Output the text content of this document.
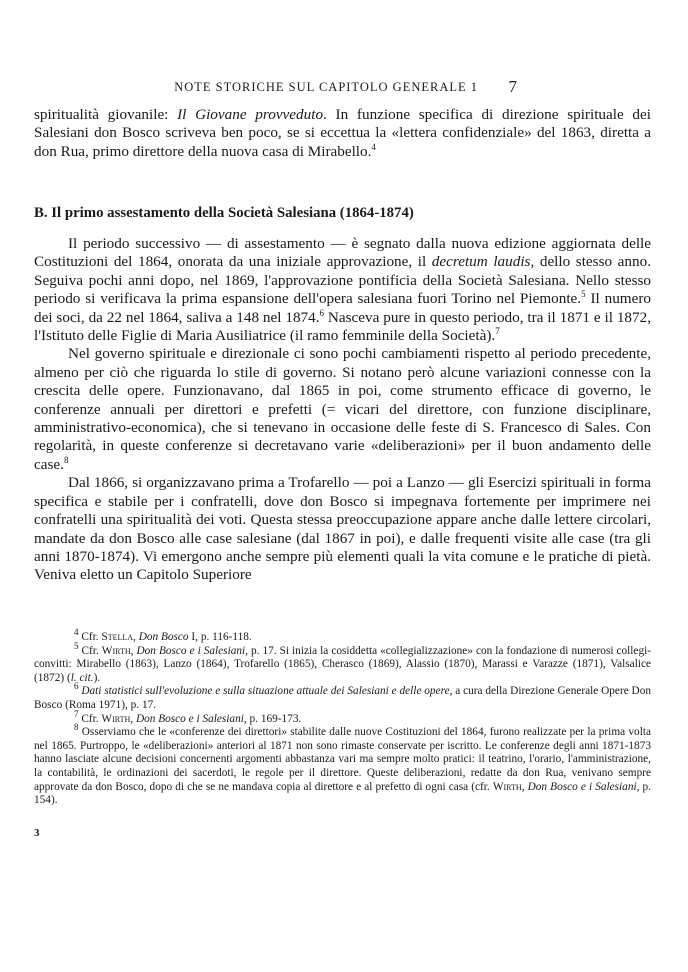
NOTE STORICHE SUL CAPITOLO GENERALE 1 7

spiritualità giovanile: Il Giovane provveduto. In funzione specifica di direzione spirituale dei Salesiani don Bosco scriveva ben poco, se si eccettua la «lettera confidenziale» del 1863, diretta a don Rua, primo direttore della nuova casa di Mirabello.$^4$

B. Il primo assestamento della Società Salesiana (1864-1874)

Il periodo successivo — di assestamento — è segnato dalla nuova edizione aggiornata delle Costituzioni del 1864, onorata da una iniziale approvazione, il decretum laudis, dello stesso anno. Seguiva pochi anni dopo, nel 1869, l'approvazione pontificia della Società Salesiana. Nello stesso periodo si verificava la prima espansione dell'opera salesiana fuori Torino nel Piemonte.$^5$ Il numero dei soci, da 22 nel 1864, saliva a 148 nel 1874.$^6$ Nasceva pure in questo periodo, tra il 1871 e il 1872, l'Istituto delle Figlie di Maria Ausiliatrice (il ramo femminile della Società).$^7$

Nel governo spirituale e direzionale ci sono pochi cambiamenti rispetto al periodo precedente, almeno per ciò che riguarda lo stile di governo. Si notano però alcune variazioni connesse con la crescita delle opere. Funzionavano, dal 1865 in poi, come strumento efficace di governo, le conferenze annuali per direttori e prefetti (= vicari del direttore, con funzione disciplinare, amministrativo-economica), che si tenevano in occasione delle feste di S. Francesco di Sales. Con regolarità, in queste conferenze si decretavano varie «deliberazioni» per il buon andamento delle case.$^8$

Dal 1866, si organizzavano prima a Trofarello — poi a Lanzo — gli Esercizi spirituali in forma specifica e stabile per i confratelli, dove don Bosco si impegnava fortemente per imprimere nei confratelli una spiritualità dei voti. Questa stessa preoccupazione appare anche dalle lettere circolari, mandate da don Bosco alle case salesiane (dal 1867 in poi), e dalle frequenti visite alle case (tra gli anni 1870-1874). Vi emergono anche sempre più elementi quali la vita comune e le pratiche di pietà. Veniva eletto un Capitolo Superiore

$^4$ Cfr. Stella, Don Bosco I, p. 116-118.

$^5$ Cfr. Wirth, Don Bosco e i Salesiani, p. 17. Si inizia la cosiddetta «collegializzazione» con la fondazione di numerosi collegi-convitti: Mirabello (1863), Lanzo (1864), Trofarello (1865), Cherasco (1869), Alassio (1870), Marassi e Varazze (1871), Valsalice (1872) (l. cit.).

$^6$ Dati statistici sull'evoluzione e sulla situazione attuale dei Salesiani e delle opere, a cura della Direzione Generale Opere Don Bosco (Roma 1971), p. 17.

$^7$ Cfr. Wirth, Don Bosco e i Salesiani, p. 169-173.

$^8$ Osserviamo che le «conferenze dei direttori» stabilite dalle nuove Costituzioni del 1864, furono realizzate per la prima volta nel 1865. Purtroppo, le «deliberazioni» anteriori al 1871 non sono rimaste conservate per iscritto. Le conferenze degli anni 1871-1873 hanno lasciate alcune decisioni concernenti argomenti abbastanza vari ma sempre molto pratici: il teatrino, l'orario, l'amministrazione, la contabilità, le ordinazioni dei sacerdoti, le regole per il direttore. Queste deliberazioni, redatte da don Rua, venivano sempre approvate da don Bosco, dopo di che se ne mandava copia al direttore e al prefetto di ogni casa (cfr. Wirth, Don Bosco e i Salesiani, p. 154).

3
